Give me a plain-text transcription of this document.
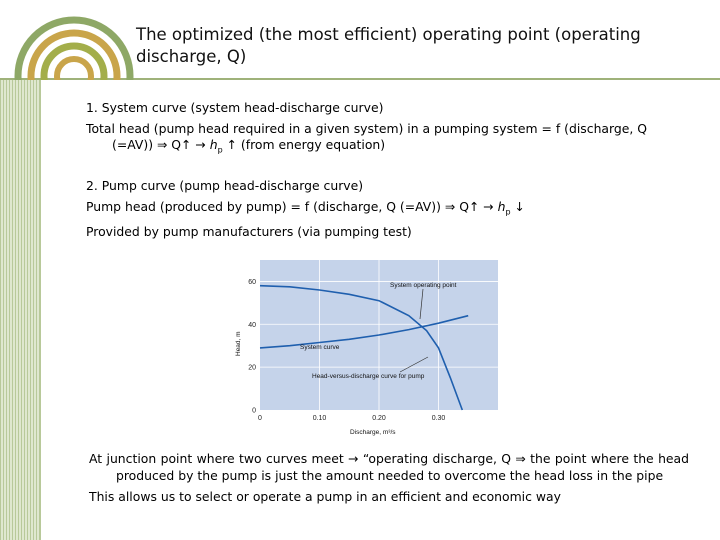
The optimized (the most efficient) operating point (operating discharge, Q)
1. System curve (system head-discharge curve)
Total head (pump head required in a given system) in a pumping system = f (discharge, Q
(=AV)) ⇒ Q↑ → $h_p$ ↑ (from energy equation)
2. Pump curve (pump head-discharge curve)
Pump head (produced by pump) = f (discharge, Q (=AV)) ⇒ Q↑ → $h_p$ ↓
Provided by pump manufacturers (via pumping test)
0
20
40
60
0	0.10	0.20	0.30
System operating point
System curve
Head-versus-discharge curve for pump
Head, m
Discharge, m³/s
At junction point where two curves meet → “operating discharge, Q ⇒ the point where the head produced by the pump is just the amount needed to overcome the head loss in the pipe
This allows us to select or operate a pump in an efficient and economic way
